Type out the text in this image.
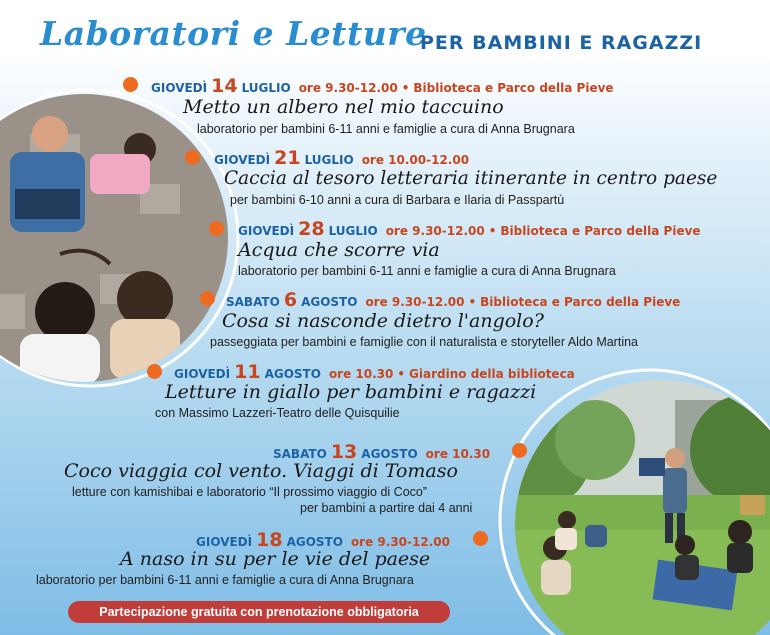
Laboratori e Letture
PER BAMBINI E RAGAZZI
GIOVEDÌ 14 LUGLIO ore 9.30-12.00 • Biblioteca e Parco della Pieve
Metto un albero nel mio taccuino
laboratorio per bambini 6-11 anni e famiglie a cura di Anna Brugnara
GIOVEDÌ 21 LUGLIO ore 10.00-12.00
Caccia al tesoro letteraria itinerante in centro paese
per bambini 6-10 anni a cura di Barbara e Ilaria di Passpartù
GIOVEDÌ 28 LUGLIO ore 9.30-12.00 • Biblioteca e Parco della Pieve
Acqua che scorre via
laboratorio per bambini 6-11 anni e famiglie a cura di Anna Brugnara
SABATO 6 AGOSTO ore 9.30-12.00 • Biblioteca e Parco della Pieve
Cosa si nasconde dietro l'angolo?
passeggiata per bambini e famiglie con il naturalista e storyteller Aldo Martina
GIOVEDÌ 11 AGOSTO ore 10.30 • Giardino della biblioteca
Letture in giallo per bambini e ragazzi
con Massimo Lazzeri-Teatro delle Quisquilie
SABATO 13 AGOSTO ore 10.30
Coco viaggia col vento. Viaggi di Tomaso
letture con kamishibai e laboratorio “Il prossimo viaggio di Coco”
per bambini a partire dai 4 anni
GIOVEDÌ 18 AGOSTO ore 9.30-12.00
A naso in su per le vie del paese
laboratorio per bambini 6-11 anni e famiglie a cura di Anna Brugnara
Partecipazione gratuita con prenotazione obbligatoria
